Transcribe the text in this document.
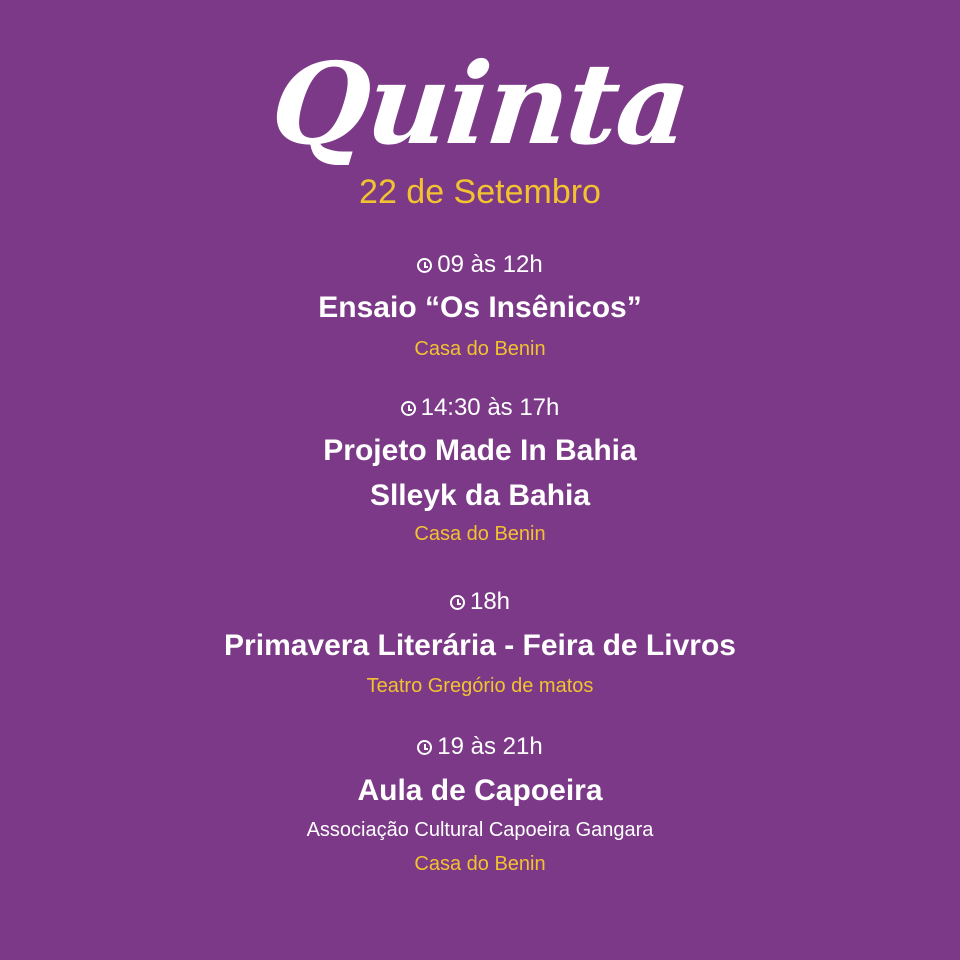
Quinta
22 de Setembro
09 às 12h
Ensaio “Os Insênicos”
Casa do Benin
14:30 às 17h
Projeto Made In Bahia
Slleyk da Bahia
Casa do Benin
18h
Primavera Literária - Feira de Livros
Teatro Gregório de matos
19 às 21h
Aula de Capoeira
Associação Cultural Capoeira Gangara
Casa do Benin
